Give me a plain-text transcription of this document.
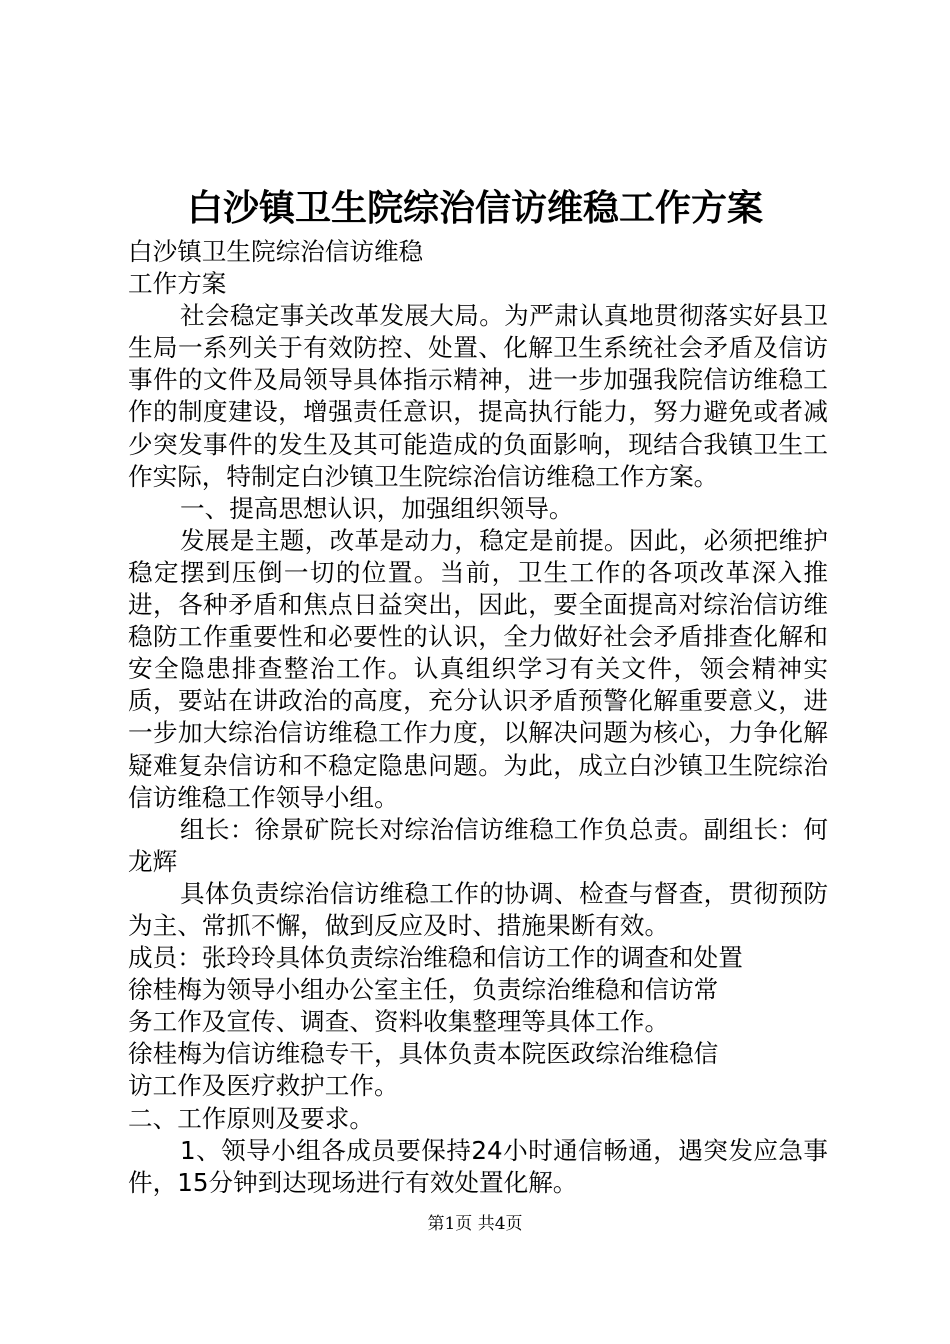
白沙镇卫生院综治信访维稳工作方案

白沙镇卫生院综治信访维稳

工作方案

社会稳定事关改革发展大局。为严肃认真地贯彻落实好县卫生局一系列关于有效防控、处置、化解卫生系统社会矛盾及信访事件的文件及局领导具体指示精神，进一步加强我院信访维稳工作的制度建设，增强责任意识，提高执行能力，努力避免或者减少突发事件的发生及其可能造成的负面影响，现结合我镇卫生工作实际，特制定白沙镇卫生院综治信访维稳工作方案。

一、提高思想认识，加强组织领导。

发展是主题，改革是动力，稳定是前提。因此，必须把维护稳定摆到压倒一切的位置。当前，卫生工作的各项改革深入推进，各种矛盾和焦点日益突出，因此，要全面提高对综治信访维稳防工作重要性和必要性的认识，全力做好社会矛盾排查化解和安全隐患排查整治工作。认真组织学习有关文件，领会精神实质，要站在讲政治的高度，充分认识矛盾预警化解重要意义，进一步加大综治信访维稳工作力度，以解决问题为核心，力争化解疑难复杂信访和不稳定隐患问题。为此，成立白沙镇卫生院综治信访维稳工作领导小组。

组长：徐景矿院长对综治信访维稳工作负总责。副组长：何龙辉

具体负责综治信访维稳工作的协调、检查与督查，贯彻预防为主、常抓不懈，做到反应及时、措施果断有效。

成员：张玲玲具体负责综治维稳和信访工作的调查和处置

徐桂梅为领导小组办公室主任，负责综治维稳和信访常

务工作及宣传、调查、资料收集整理等具体工作。

徐桂梅为信访维稳专干，具体负责本院医政综治维稳信

访工作及医疗救护工作。

二、工作原则及要求。

1、领导小组各成员要保持24小时通信畅通，遇突发应急事件，15分钟到达现场进行有效处置化解。

第1页 共4页
